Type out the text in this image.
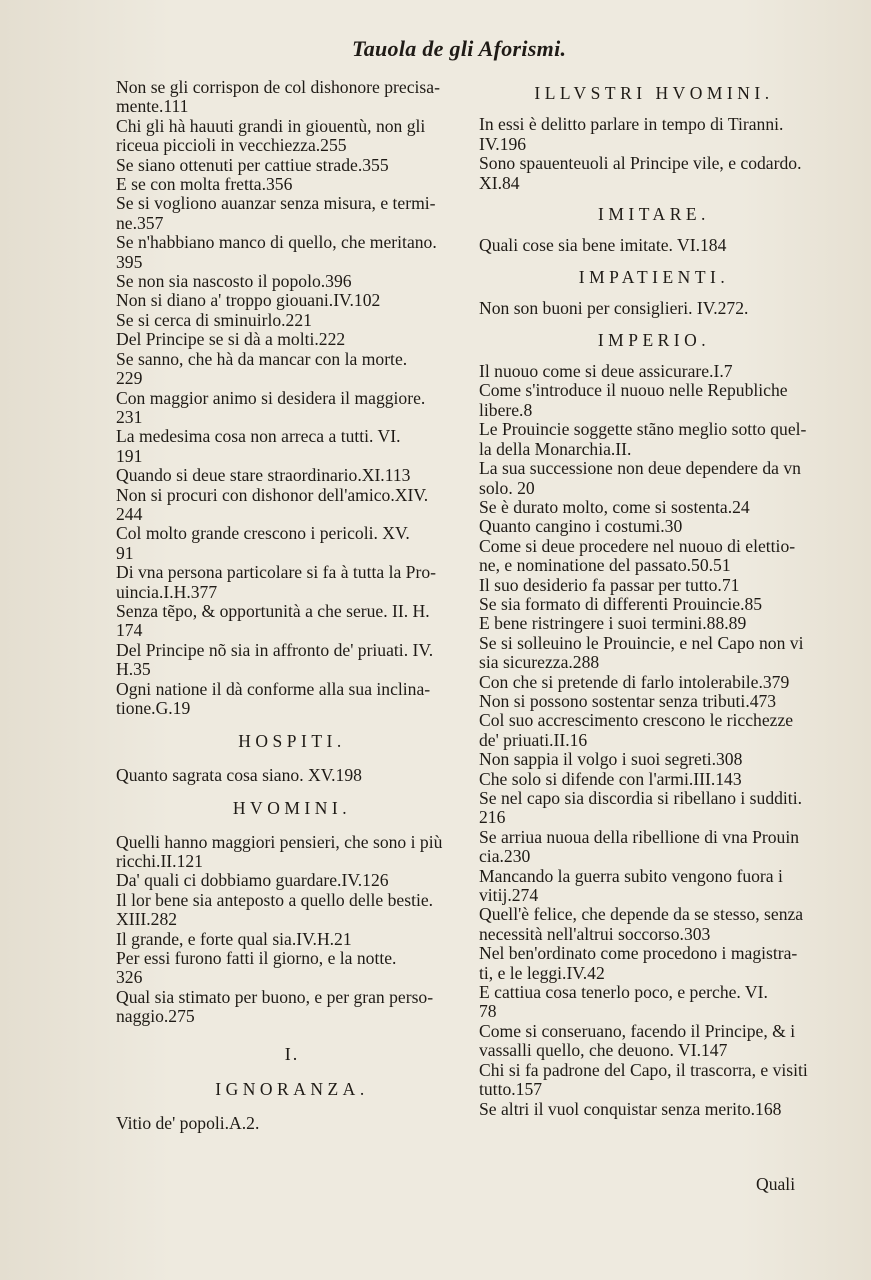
Tauola de gli Aforismi.
Non se gli corrispon de col dishonore precisa-
mente.111
Chi gli hà hauuti grandi in giouentù, non gli
riceua piccioli in vecchiezza.255
Se siano ottenuti per cattiue strade.355
E se con molta fretta.356
Se si vogliono auanzar senza misura, e termi-
ne.357
Se n'habbiano manco di quello, che meritano.
395
Se non sia nascosto il popolo.396
Non si diano a' troppo giouani.IV.102
Se si cerca di sminuirlo.221
Del Principe se si dà a molti.222
Se sanno, che hà da mancar con la morte.
229
Con maggior animo si desidera il maggiore.
231
La medesima cosa non arreca a tutti. VI.
191
Quando si deue stare straordinario.XI.113
Non si procuri con dishonor dell'amico.XIV.
244
Col molto grande crescono i pericoli. XV.
91
Di vna persona particolare si fa à tutta la Pro-
uincia.I.H.377
Senza tẽpo, & opportunità a che serue. II. H.
174
Del Principe nõ sia in affronto de' priuati. IV.
H.35
Ogni natione il dà conforme alla sua inclina-
tione.G.19
HOSPITI.
Quanto sagrata cosa siano. XV.198
HVOMINI.
Quelli hanno maggiori pensieri, che sono i più
ricchi.II.121
Da' quali ci dobbiamo guardare.IV.126
Il lor bene sia anteposto a quello delle bestie.
XIII.282
Il grande, e forte qual sia.IV.H.21
Per essi furono fatti il giorno, e la notte.
326
Qual sia stimato per buono, e per gran perso-
naggio.275
I.
IGNORANZA.
Vitio de' popoli.A.2.
ILLVSTRI HVOMINI.
In essi è delitto parlare in tempo di Tiranni.
IV.196
Sono spauenteuoli al Principe vile, e codardo.
XI.84
IMITARE.
Quali cose sia bene imitate. VI.184
IMPATIENTI.
Non son buoni per consiglieri. IV.272.
IMPERIO.
Il nuouo come si deue assicurare.I.7
Come s'introduce il nuouo nelle Republiche
libere.8
Le Prouincie soggette stãno meglio sotto quel-
la della Monarchia.II.
La sua successione non deue dependere da vn
solo. 20
Se è durato molto, come si sostenta.24
Quanto cangino i costumi.30
Come si deue procedere nel nuouo di elettio-
ne, e nominatione del passato.50.51
Il suo desiderio fa passar per tutto.71
Se sia formato di differenti Prouincie.85
E bene ristringere i suoi termini.88.89
Se si solleuino le Prouincie, e nel Capo non vi
sia sicurezza.288
Con che si pretende di farlo intolerabile.379
Non si possono sostentar senza tributi.473
Col suo accrescimento crescono le ricchezze
de' priuati.II.16
Non sappia il volgo i suoi segreti.308
Che solo si difende con l'armi.III.143
Se nel capo sia discordia si ribellano i sudditi.
216
Se arriua nuoua della ribellione di vna Prouin
cia.230
Mancando la guerra subito vengono fuora i
vitij.274
Quell'è felice, che depende da se stesso, senza
necessità nell'altrui soccorso.303
Nel ben'ordinato come procedono i magistra-
ti, e le leggi.IV.42
E cattiua cosa tenerlo poco, e perche. VI.
78
Come si conseruano, facendo il Principe, & i
vassalli quello, che deuono. VI.147
Chi si fa padrone del Capo, il trascorra, e visiti
tutto.157
Se altri il vuol conquistar senza merito.168
Quali
